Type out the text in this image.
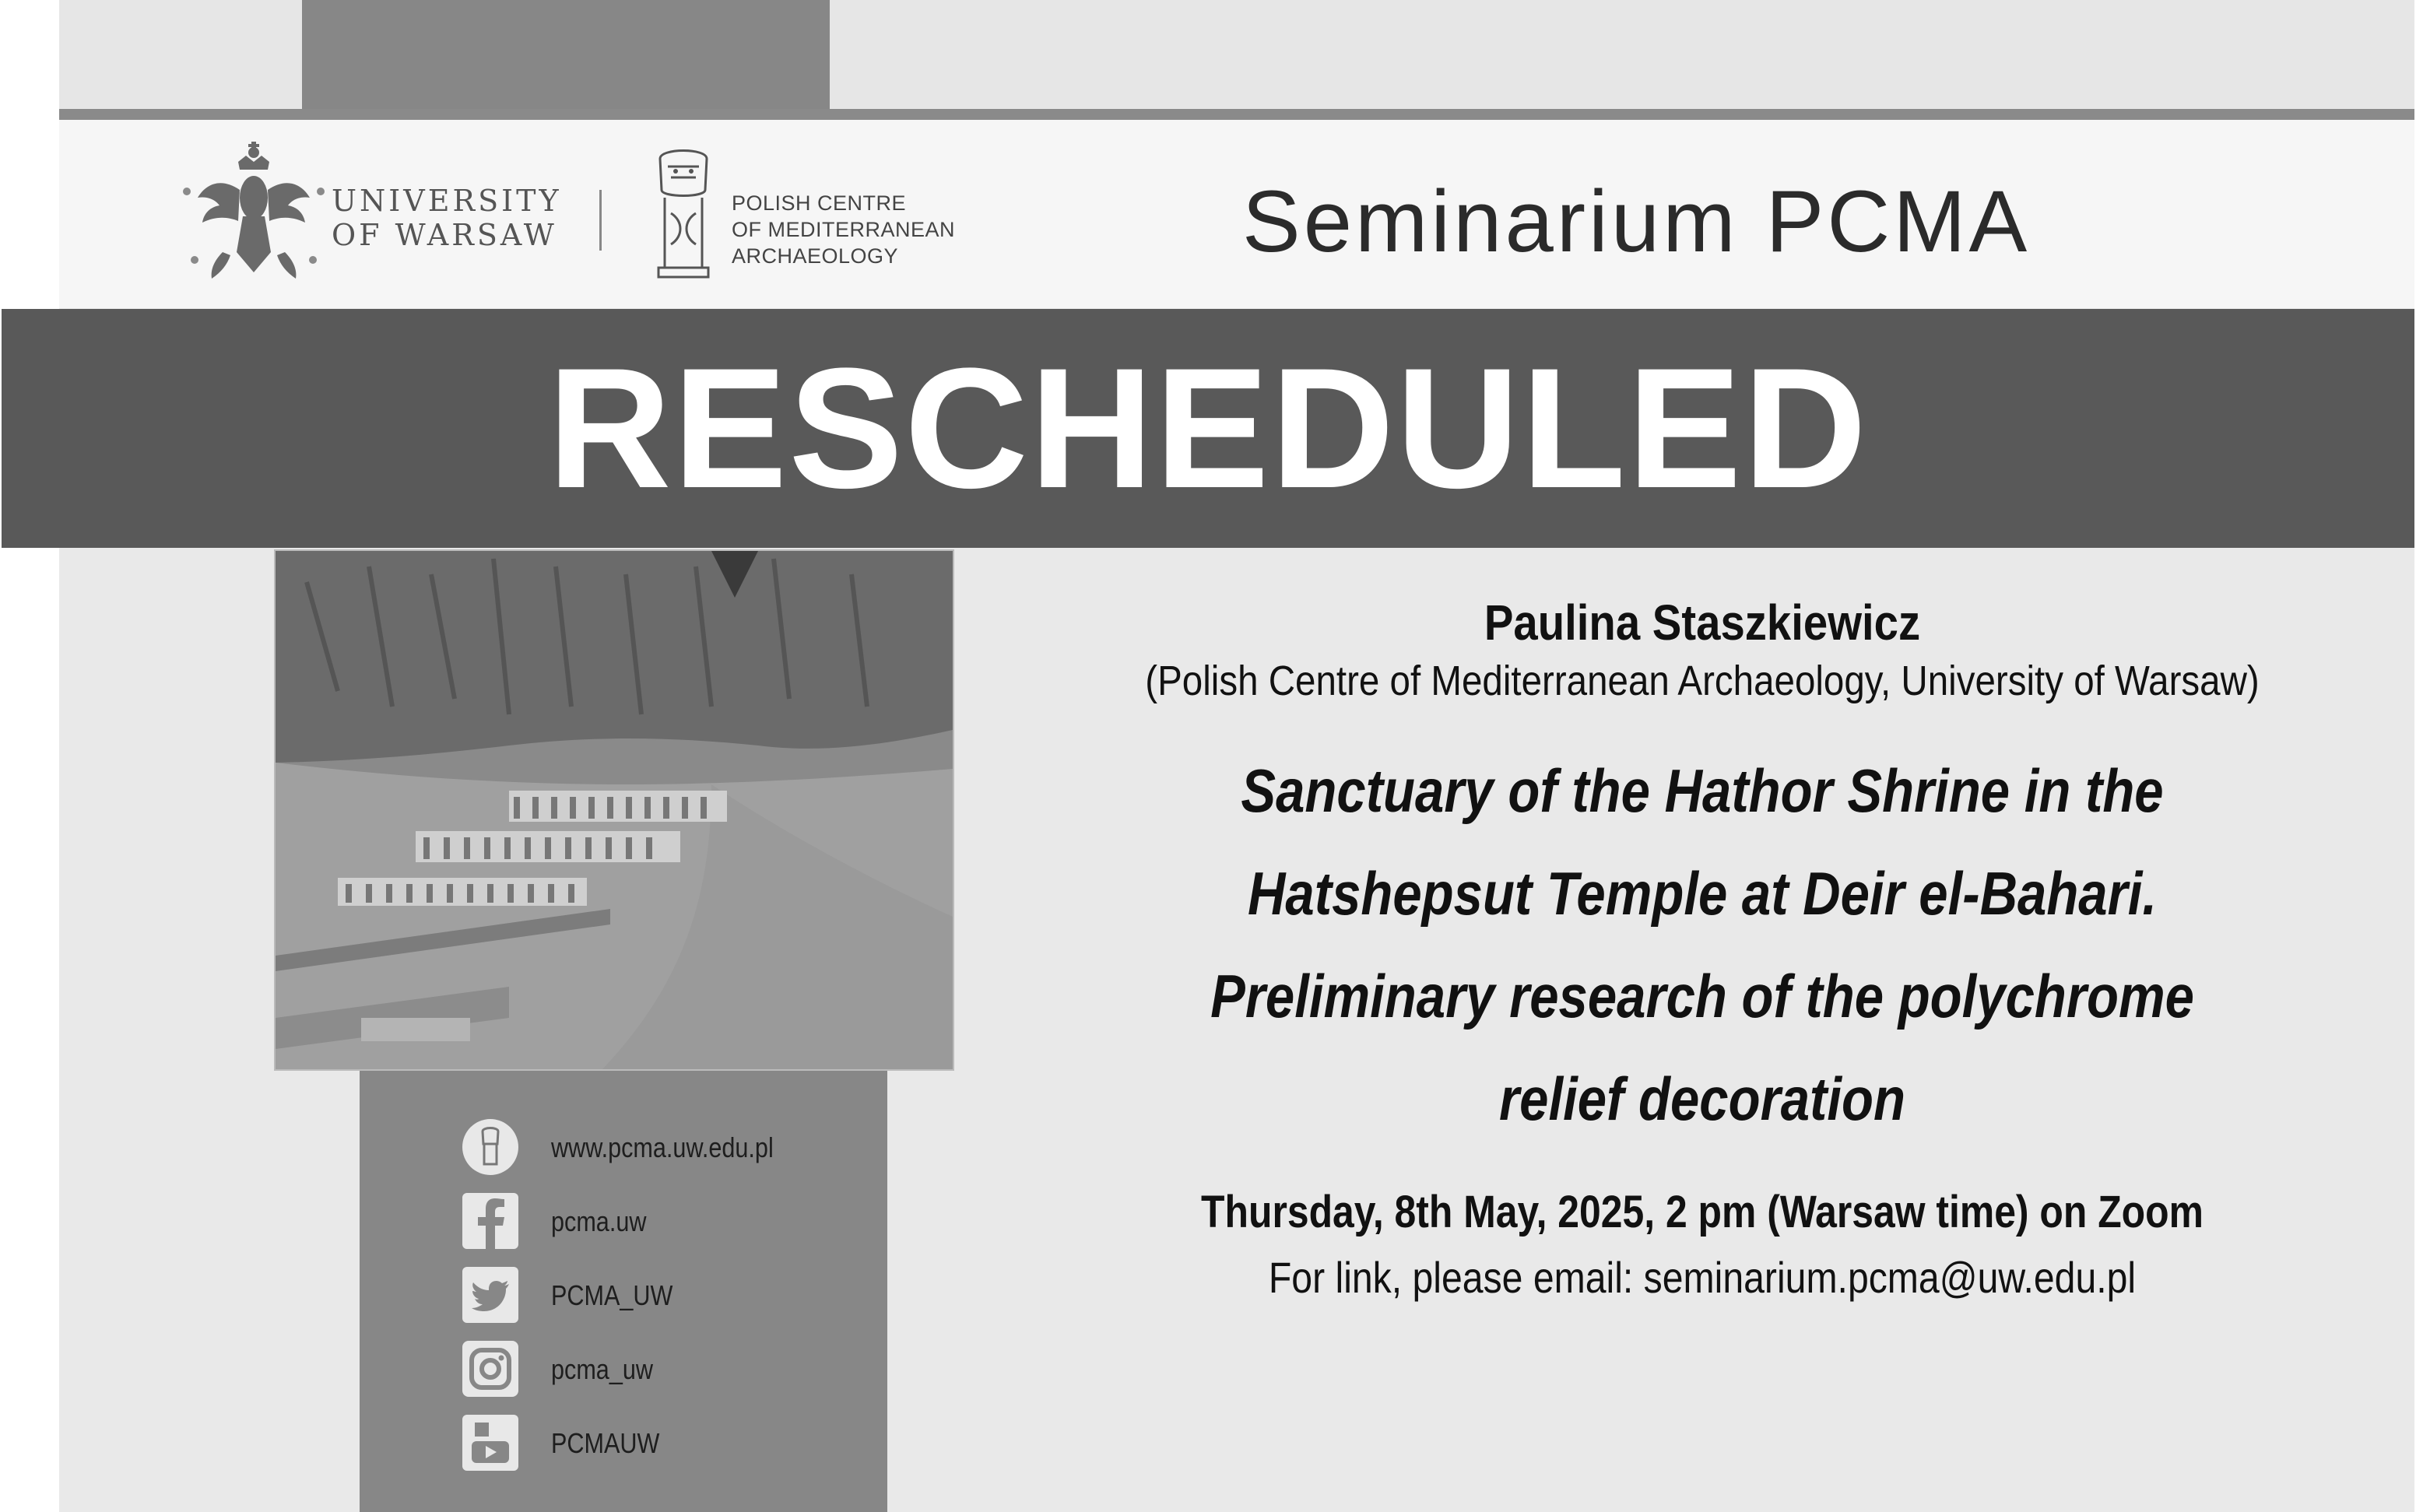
UNIVERSITY
OF WARSAW
POLISH CENTRE
OF MEDITERRANEAN
ARCHAEOLOGY	Seminarium PCMA
www.pcma.uw.edu.pl
pcma.uw
PCMA_UW
pcma_uw
PCMAUW
Paulina Staszkiewicz
(Polish Centre of Mediterranean Archaeology, University of Warsaw)
Sanctuary of the Hathor Shrine in the
Hatshepsut Temple at Deir el-Bahari.
Preliminary research of the polychrome
relief decoration
Thursday, 8th May, 2025, 2 pm (Warsaw time) on Zoom
For link, please email: seminarium.pcma@uw.edu.pl
RESCHEDULED
